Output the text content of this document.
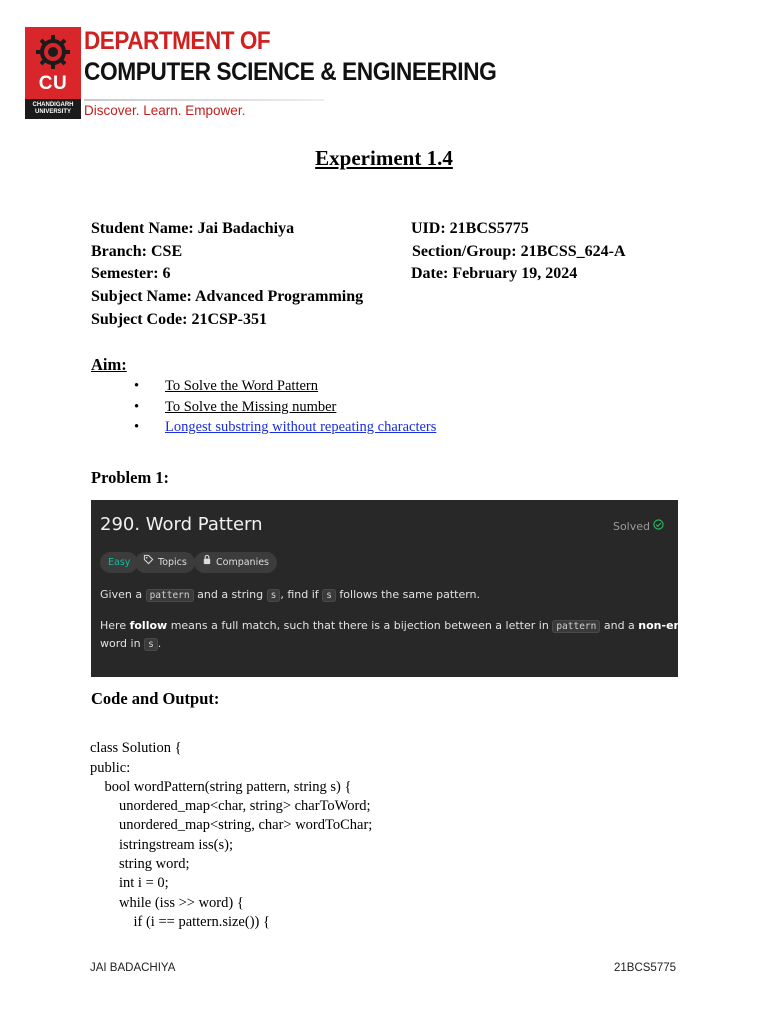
CU
CHANDIGARH
UNIVERSITY
DEPARTMENT OF
COMPUTER SCIENCE & ENGINEERING
Discover. Learn. Empower.
Experiment 1.4
Student Name: Jai Badachiya	UID: 21BCS5775
Branch: CSE	Section/Group: 21BCSS_624-A
Semester: 6	Date: February 19, 2024
Subject Name: Advanced Programming
Subject Code: 21CSP-351
Aim:
• To Solve the Word Pattern
• To Solve the Missing number
• Longest substring without repeating characters
Problem 1:
290. Word Pattern	Solved
Easy	Topics	Companies
Given a pattern and a string s , find if s follows the same pattern.
Here follow means a full match, such that there is a bijection between a letter in pattern and a non-empty
word in s .
Code and Output:

class Solution {
public:
bool wordPattern(string pattern, string s) {
unordered_map<char, string> charToWord;
unordered_map<string, char> wordToChar;
istringstream iss(s);
string word;
int i = 0;
while (iss >> word) {
if (i == pattern.size()) {

JAI BADACHIYA	21BCS5775
